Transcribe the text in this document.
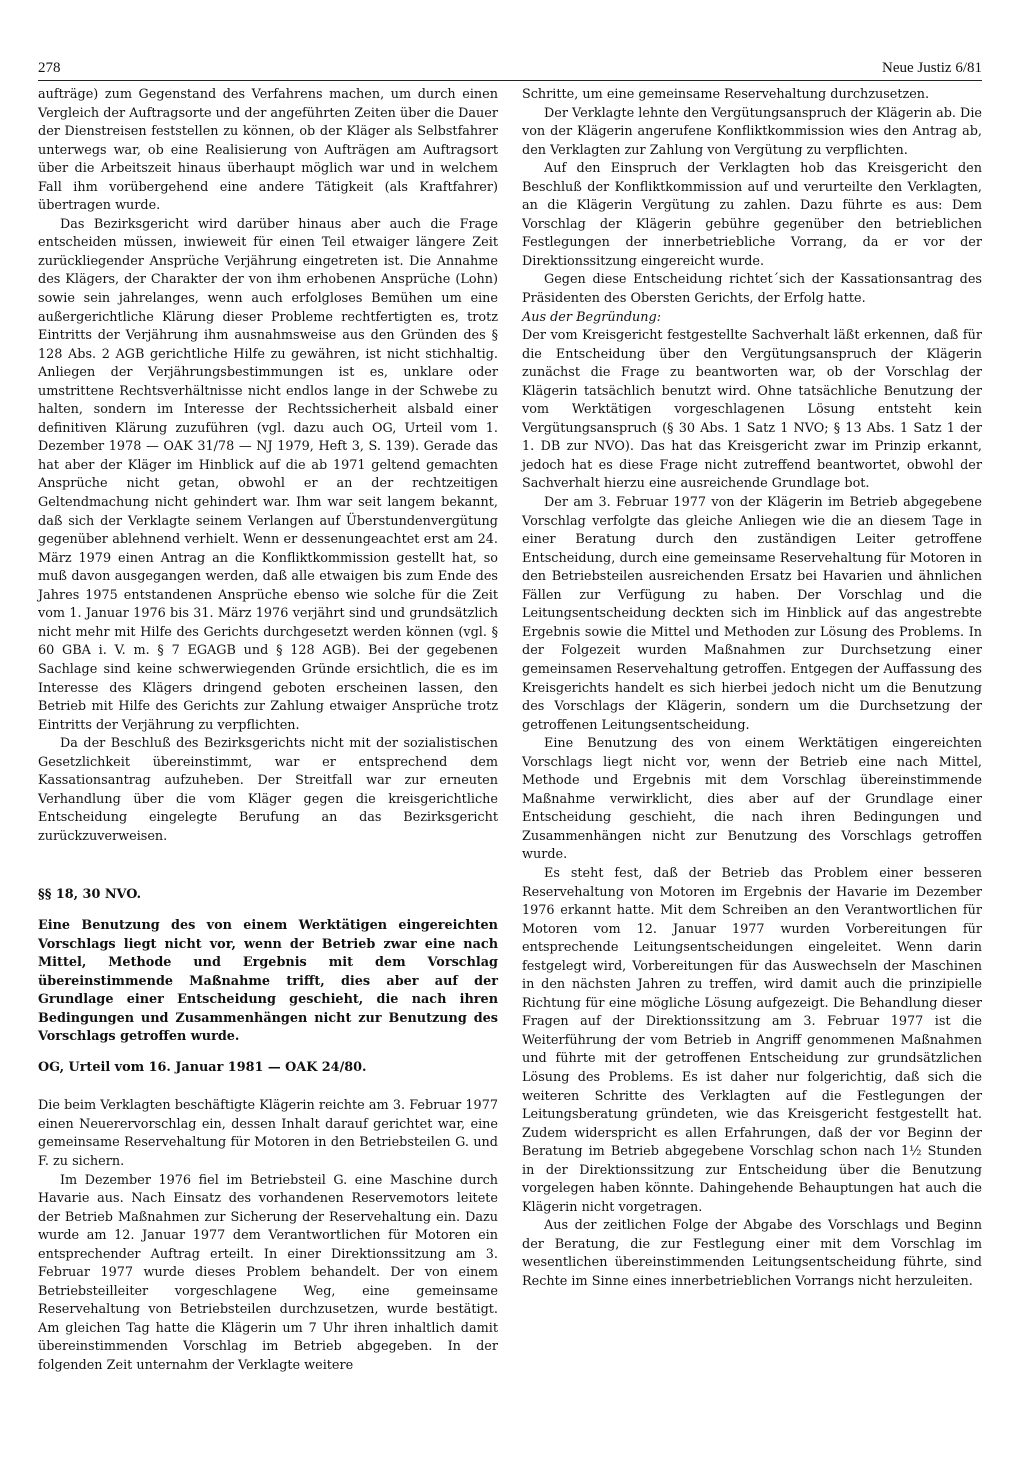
278	Neue Justiz 6/81

aufträge) zum Gegenstand des Verfahrens machen, um durch einen Vergleich der Auftragsorte und der angeführten Zeiten über die Dauer der Dienstreisen feststellen zu können, ob der Kläger als Selbstfahrer unterwegs war, ob eine Realisierung von Aufträgen am Auftragsort über die Arbeitszeit hinaus überhaupt möglich war und in welchem Fall ihm vorübergehend eine andere Tätigkeit (als Kraftfahrer) übertragen wurde.

Das Bezirksgericht wird darüber hinaus aber auch die Frage entscheiden müssen, inwieweit für einen Teil etwaiger längere Zeit zurückliegender Ansprüche Verjährung eingetreten ist. Die Annahme des Klägers, der Charakter der von ihm erhobenen Ansprüche (Lohn) sowie sein jahrelanges, wenn auch erfolgloses Bemühen um eine außergerichtliche Klärung dieser Probleme rechtfertigten es, trotz Eintritts der Verjährung ihm ausnahmsweise aus den Gründen des § 128 Abs. 2 AGB gerichtliche Hilfe zu gewähren, ist nicht stichhaltig. Anliegen der Verjährungsbestimmungen ist es, unklare oder umstrittene Rechtsverhältnisse nicht endlos lange in der Schwebe zu halten, sondern im Interesse der Rechtssicherheit alsbald einer definitiven Klärung zuzuführen (vgl. dazu auch OG, Urteil vom 1. Dezember 1978 — OAK 31/78 — NJ 1979, Heft 3, S. 139). Gerade das hat aber der Kläger im Hinblick auf die ab 1971 geltend gemachten Ansprüche nicht getan, obwohl er an der rechtzeitigen Geltendmachung nicht gehindert war. Ihm war seit langem bekannt, daß sich der Verklagte seinem Verlangen auf Überstundenvergütung gegenüber ablehnend verhielt. Wenn er dessenungeachtet erst am 24. März 1979 einen Antrag an die Konfliktkommission gestellt hat, so muß davon ausgegangen werden, daß alle etwaigen bis zum Ende des Jahres 1975 entstandenen Ansprüche ebenso wie solche für die Zeit vom 1. Januar 1976 bis 31. März 1976 verjährt sind und grundsätzlich nicht mehr mit Hilfe des Gerichts durchgesetzt werden können (vgl. § 60 GBA i. V. m. § 7 EGAGB und § 128 AGB). Bei der gegebenen Sachlage sind keine schwerwiegenden Gründe ersichtlich, die es im Interesse des Klägers dringend geboten erscheinen lassen, den Betrieb mit Hilfe des Gerichts zur Zahlung etwaiger Ansprüche trotz Eintritts der Verjährung zu verpflichten.

Da der Beschluß des Bezirksgerichts nicht mit der sozialistischen Gesetzlichkeit übereinstimmt, war er entsprechend dem Kassationsantrag aufzuheben. Der Streitfall war zur erneuten Verhandlung über die vom Kläger gegen die kreisgerichtliche Entscheidung eingelegte Berufung an das Bezirksgericht zurückzuverweisen.

§§ 18, 30 NVO.

Eine Benutzung des von einem Werktätigen eingereichten Vorschlags liegt nicht vor, wenn der Betrieb zwar eine nach Mittel, Methode und Ergebnis mit dem Vorschlag übereinstimmende Maßnahme trifft, dies aber auf der Grundlage einer Entscheidung geschieht, die nach ihren Bedingungen und Zusammenhängen nicht zur Benutzung des Vorschlags getroffen wurde.

OG, Urteil vom 16. Januar 1981 — OAK 24/80.

Die beim Verklagten beschäftigte Klägerin reichte am 3. Februar 1977 einen Neuerervorschlag ein, dessen Inhalt darauf gerichtet war, eine gemeinsame Reservehaltung für Motoren in den Betriebsteilen G. und F. zu sichern.

Im Dezember 1976 fiel im Betriebsteil G. eine Maschine durch Havarie aus. Nach Einsatz des vorhandenen Reservemotors leitete der Betrieb Maßnahmen zur Sicherung der Reservehaltung ein. Dazu wurde am 12. Januar 1977 dem Verantwortlichen für Motoren ein entsprechender Auftrag erteilt. In einer Direktionssitzung am 3. Februar 1977 wurde dieses Problem behandelt. Der von einem Betriebsteilleiter vorgeschlagene Weg, eine gemeinsame Reservehaltung von Betriebsteilen durchzusetzen, wurde bestätigt. Am gleichen Tag hatte die Klägerin um 7 Uhr ihren inhaltlich damit übereinstimmenden Vorschlag im Betrieb abgegeben. In der folgenden Zeit unternahm der Verklagte weitere

Schritte, um eine gemeinsame Reservehaltung durchzusetzen.

Der Verklagte lehnte den Vergütungsanspruch der Klägerin ab. Die von der Klägerin angerufene Konfliktkommission wies den Antrag ab, den Verklagten zur Zahlung von Vergütung zu verpflichten.

Auf den Einspruch der Verklagten hob das Kreisgericht den Beschluß der Konfliktkommission auf und verurteilte den Verklagten, an die Klägerin Vergütung zu zahlen. Dazu führte es aus: Dem Vorschlag der Klägerin gebühre gegenüber den betrieblichen Festlegungen der innerbetriebliche Vorrang, da er vor der Direktionssitzung eingereicht wurde.

Gegen diese Entscheidung richtet´sich der Kassationsantrag des Präsidenten des Obersten Gerichts, der Erfolg hatte.

Aus der Begründung:

Der vom Kreisgericht festgestellte Sachverhalt läßt erkennen, daß für die Entscheidung über den Vergütungsanspruch der Klägerin zunächst die Frage zu beantworten war, ob der Vorschlag der Klägerin tatsächlich benutzt wird. Ohne tatsächliche Benutzung der vom Werktätigen vorgeschlagenen Lösung entsteht kein Vergütungsanspruch (§ 30 Abs. 1 Satz 1 NVO; § 13 Abs. 1 Satz 1 der 1. DB zur NVO). Das hat das Kreisgericht zwar im Prinzip erkannt, jedoch hat es diese Frage nicht zutreffend beantwortet, obwohl der Sachverhalt hierzu eine ausreichende Grundlage bot.

Der am 3. Februar 1977 von der Klägerin im Betrieb abgegebene Vorschlag verfolgte das gleiche Anliegen wie die an diesem Tage in einer Beratung durch den zuständigen Leiter getroffene Entscheidung, durch eine gemeinsame Reservehaltung für Motoren in den Betriebsteilen ausreichenden Ersatz bei Havarien und ähnlichen Fällen zur Verfügung zu haben. Der Vorschlag und die Leitungsentscheidung deckten sich im Hinblick auf das angestrebte Ergebnis sowie die Mittel und Methoden zur Lösung des Problems. In der Folgezeit wurden Maßnahmen zur Durchsetzung einer gemeinsamen Reservehaltung getroffen. Entgegen der Auffassung des Kreisgerichts handelt es sich hierbei jedoch nicht um die Benutzung des Vorschlags der Klägerin, sondern um die Durchsetzung der getroffenen Leitungsentscheidung.

Eine Benutzung des von einem Werktätigen eingereichten Vorschlags liegt nicht vor, wenn der Betrieb eine nach Mittel, Methode und Ergebnis mit dem Vorschlag übereinstimmende Maßnahme verwirklicht, dies aber auf der Grundlage einer Entscheidung geschieht, die nach ihren Bedingungen und Zusammenhängen nicht zur Benutzung des Vorschlags getroffen wurde.

Es steht fest, daß der Betrieb das Problem einer besseren Reservehaltung von Motoren im Ergebnis der Havarie im Dezember 1976 erkannt hatte. Mit dem Schreiben an den Verantwortlichen für Motoren vom 12. Januar 1977 wurden Vorbereitungen für entsprechende Leitungsentscheidungen eingeleitet. Wenn darin festgelegt wird, Vorbereitungen für das Auswechseln der Maschinen in den nächsten Jahren zu treffen, wird damit auch die prinzipielle Richtung für eine mögliche Lösung aufgezeigt. Die Behandlung dieser Fragen auf der Direktionssitzung am 3. Februar 1977 ist die Weiterführung der vom Betrieb in Angriff genommenen Maßnahmen und führte mit der getroffenen Entscheidung zur grundsätzlichen Lösung des Problems. Es ist daher nur folgerichtig, daß sich die weiteren Schritte des Verklagten auf die Festlegungen der Leitungsberatung gründeten, wie das Kreisgericht festgestellt hat. Zudem widerspricht es allen Erfahrungen, daß der vor Beginn der Beratung im Betrieb abgegebene Vorschlag schon nach 1½ Stunden in der Direktionssitzung zur Entscheidung über die Benutzung vorgelegen haben könnte. Dahingehende Behauptungen hat auch die Klägerin nicht vorgetragen.

Aus der zeitlichen Folge der Abgabe des Vorschlags und Beginn der Beratung, die zur Festlegung einer mit dem Vorschlag im wesentlichen übereinstimmenden Leitungsentscheidung führte, sind Rechte im Sinne eines innerbetrieblichen Vorrangs nicht herzuleiten.
